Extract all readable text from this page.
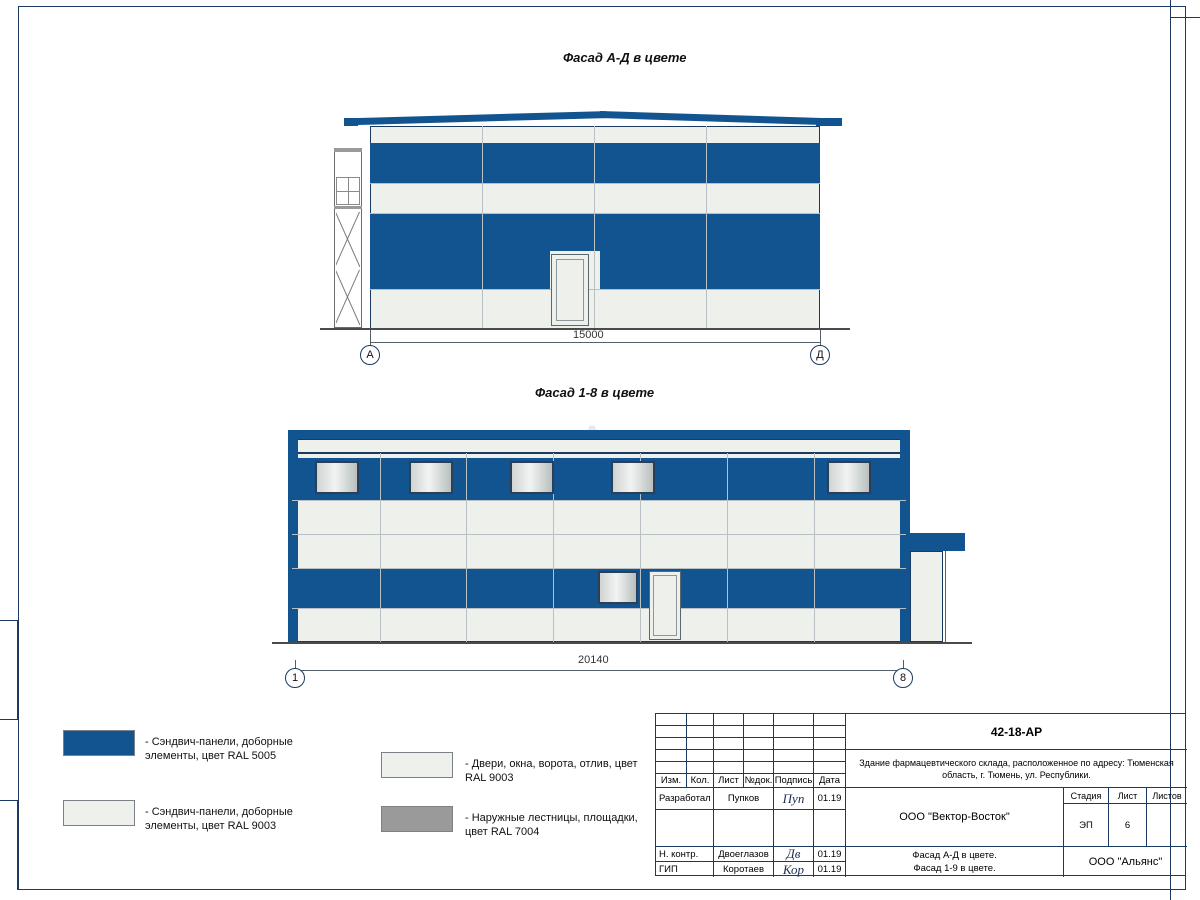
Фасад А-Д в цвете
15000
А	Д
Фасад 1-8 в цвете
20140
1	8
- Сэндвич-панели, доборные элементы, цвет RAL 5005
- Двери, окна, ворота, отлив, цвет RAL 9003
- Сэндвич-панели, доборные элементы, цвет RAL 9003
- Наружные лестницы, площадки, цвет RAL 7004
Изм. Кол. Лист №док. Подпись Дата
Разработал	Пупков	Пуп	01.19
Н. контр.	Двоеглазов	Дв	01.19
ГИП	Коротаев	Кор	01.19
42-18-АР
Здание фармацевтического склада, расположенное по адресу: Тюменская область, г. Тюмень, ул. Республики.
ООО "Вектор-Восток"
Стадия	Лист	Листов
ЭП	6
Фасад А-Д в цвете.
Фасад 1-9 в цвете.
ООО "Альянс"
